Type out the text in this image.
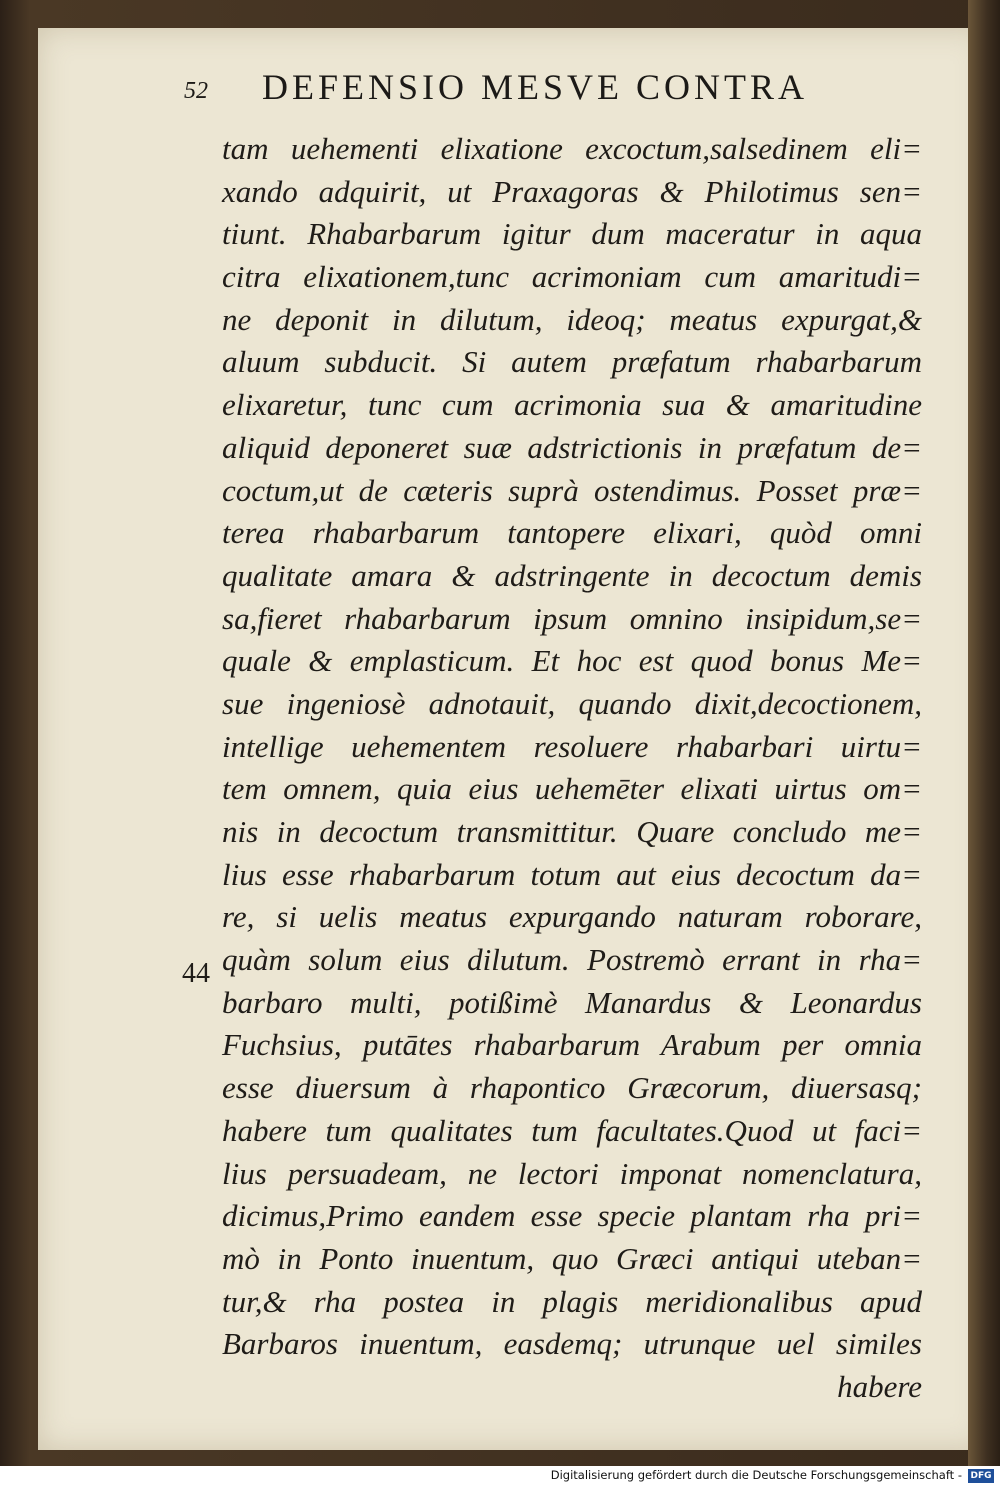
52 DEFENSIO MESVE CONTRA
44
tam uehementi elixatione excoctum,salsedinem eli=
xando adquirit, ut Praxagoras & Philotimus sen=
tiunt. Rhabarbarum igitur dum maceratur in aqua
citra elixationem,tunc acrimoniam cum amaritudi=
ne deponit in dilutum, ideoq; meatus expurgat,&
aluum subducit. Si autem præfatum rhabarbarum
elixaretur, tunc cum acrimonia sua & amaritudine
aliquid deponeret suæ adstrictionis in præfatum de=
coctum,ut de cæteris suprà ostendimus. Posset præ=
terea rhabarbarum tantopere elixari, quòd omni
qualitate amara & adstringente in decoctum demis
sa,fieret rhabarbarum ipsum omnino insipidum,se=
quale & emplasticum. Et hoc est quod bonus Me=
sue ingeniosè adnotauit, quando dixit,decoctionem,
intellige uehementem resoluere rhabarbari uirtu=
tem omnem, quia eius uehemēter elixati uirtus om=
nis in decoctum transmittitur. Quare concludo me=
lius esse rhabarbarum totum aut eius decoctum da=
re, si uelis meatus expurgando naturam roborare,
quàm solum eius dilutum. Postremò errant in rha=
barbaro multi, potißimè Manardus & Leonardus
Fuchsius, putātes rhabarbarum Arabum per omnia
esse diuersum à rhapontico Græcorum, diuersasq;
habere tum qualitates tum facultates.Quod ut faci=
lius persuadeam, ne lectori imponat nomenclatura,
dicimus,Primo eandem esse specie plantam rha pri=
mò in Ponto inuentum, quo Græci antiqui uteban=
tur,& rha postea in plagis meridionalibus apud
Barbaros inuentum, easdemq; utrunque uel similes
habere
Digitalisierung gefördert durch die Deutsche Forschungsgemeinschaft - DFG
